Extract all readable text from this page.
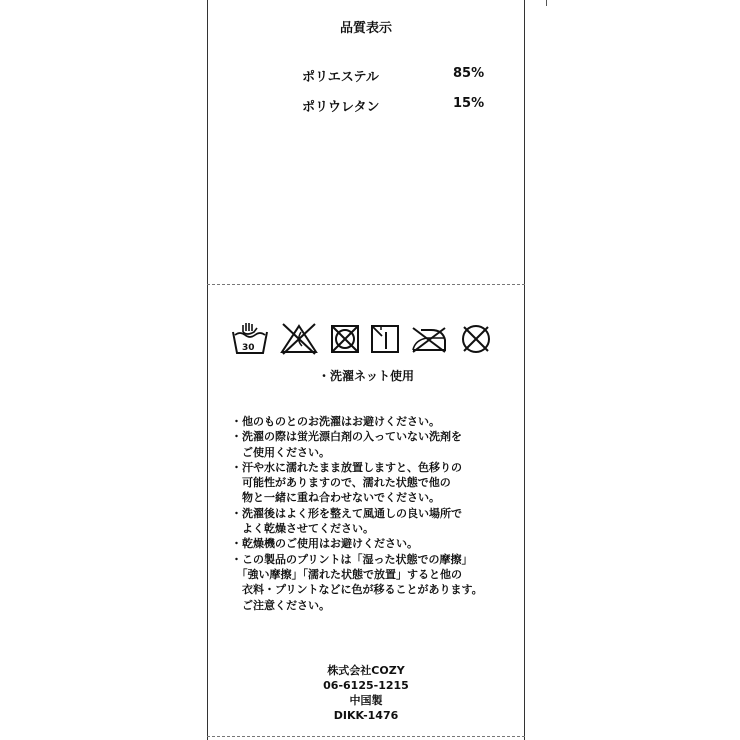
品質表示
ポリエステル	85%
ポリウレタン	15%
30
・洗濯ネット使用
・他のものとのお洗濯はお避けください。
・洗濯の際は蛍光漂白剤の入っていない洗剤を
　ご使用ください。
・汗や水に濡れたまま放置しますと、色移りの
　可能性がありますので、濡れた状態で他の
　物と一緒に重ね合わせないでください。
・洗濯後はよく形を整えて風通しの良い場所で
　よく乾燥させてください。
・乾燥機のご使用はお避けください。
・この製品のプリントは「湿った状態での摩擦」
　「強い摩擦」「濡れた状態で放置」すると他の
　衣料・プリントなどに色が移ることがあります。
　ご注意ください。
株式会社COZY
06-6125-1215
中国製
DIKK-1476
